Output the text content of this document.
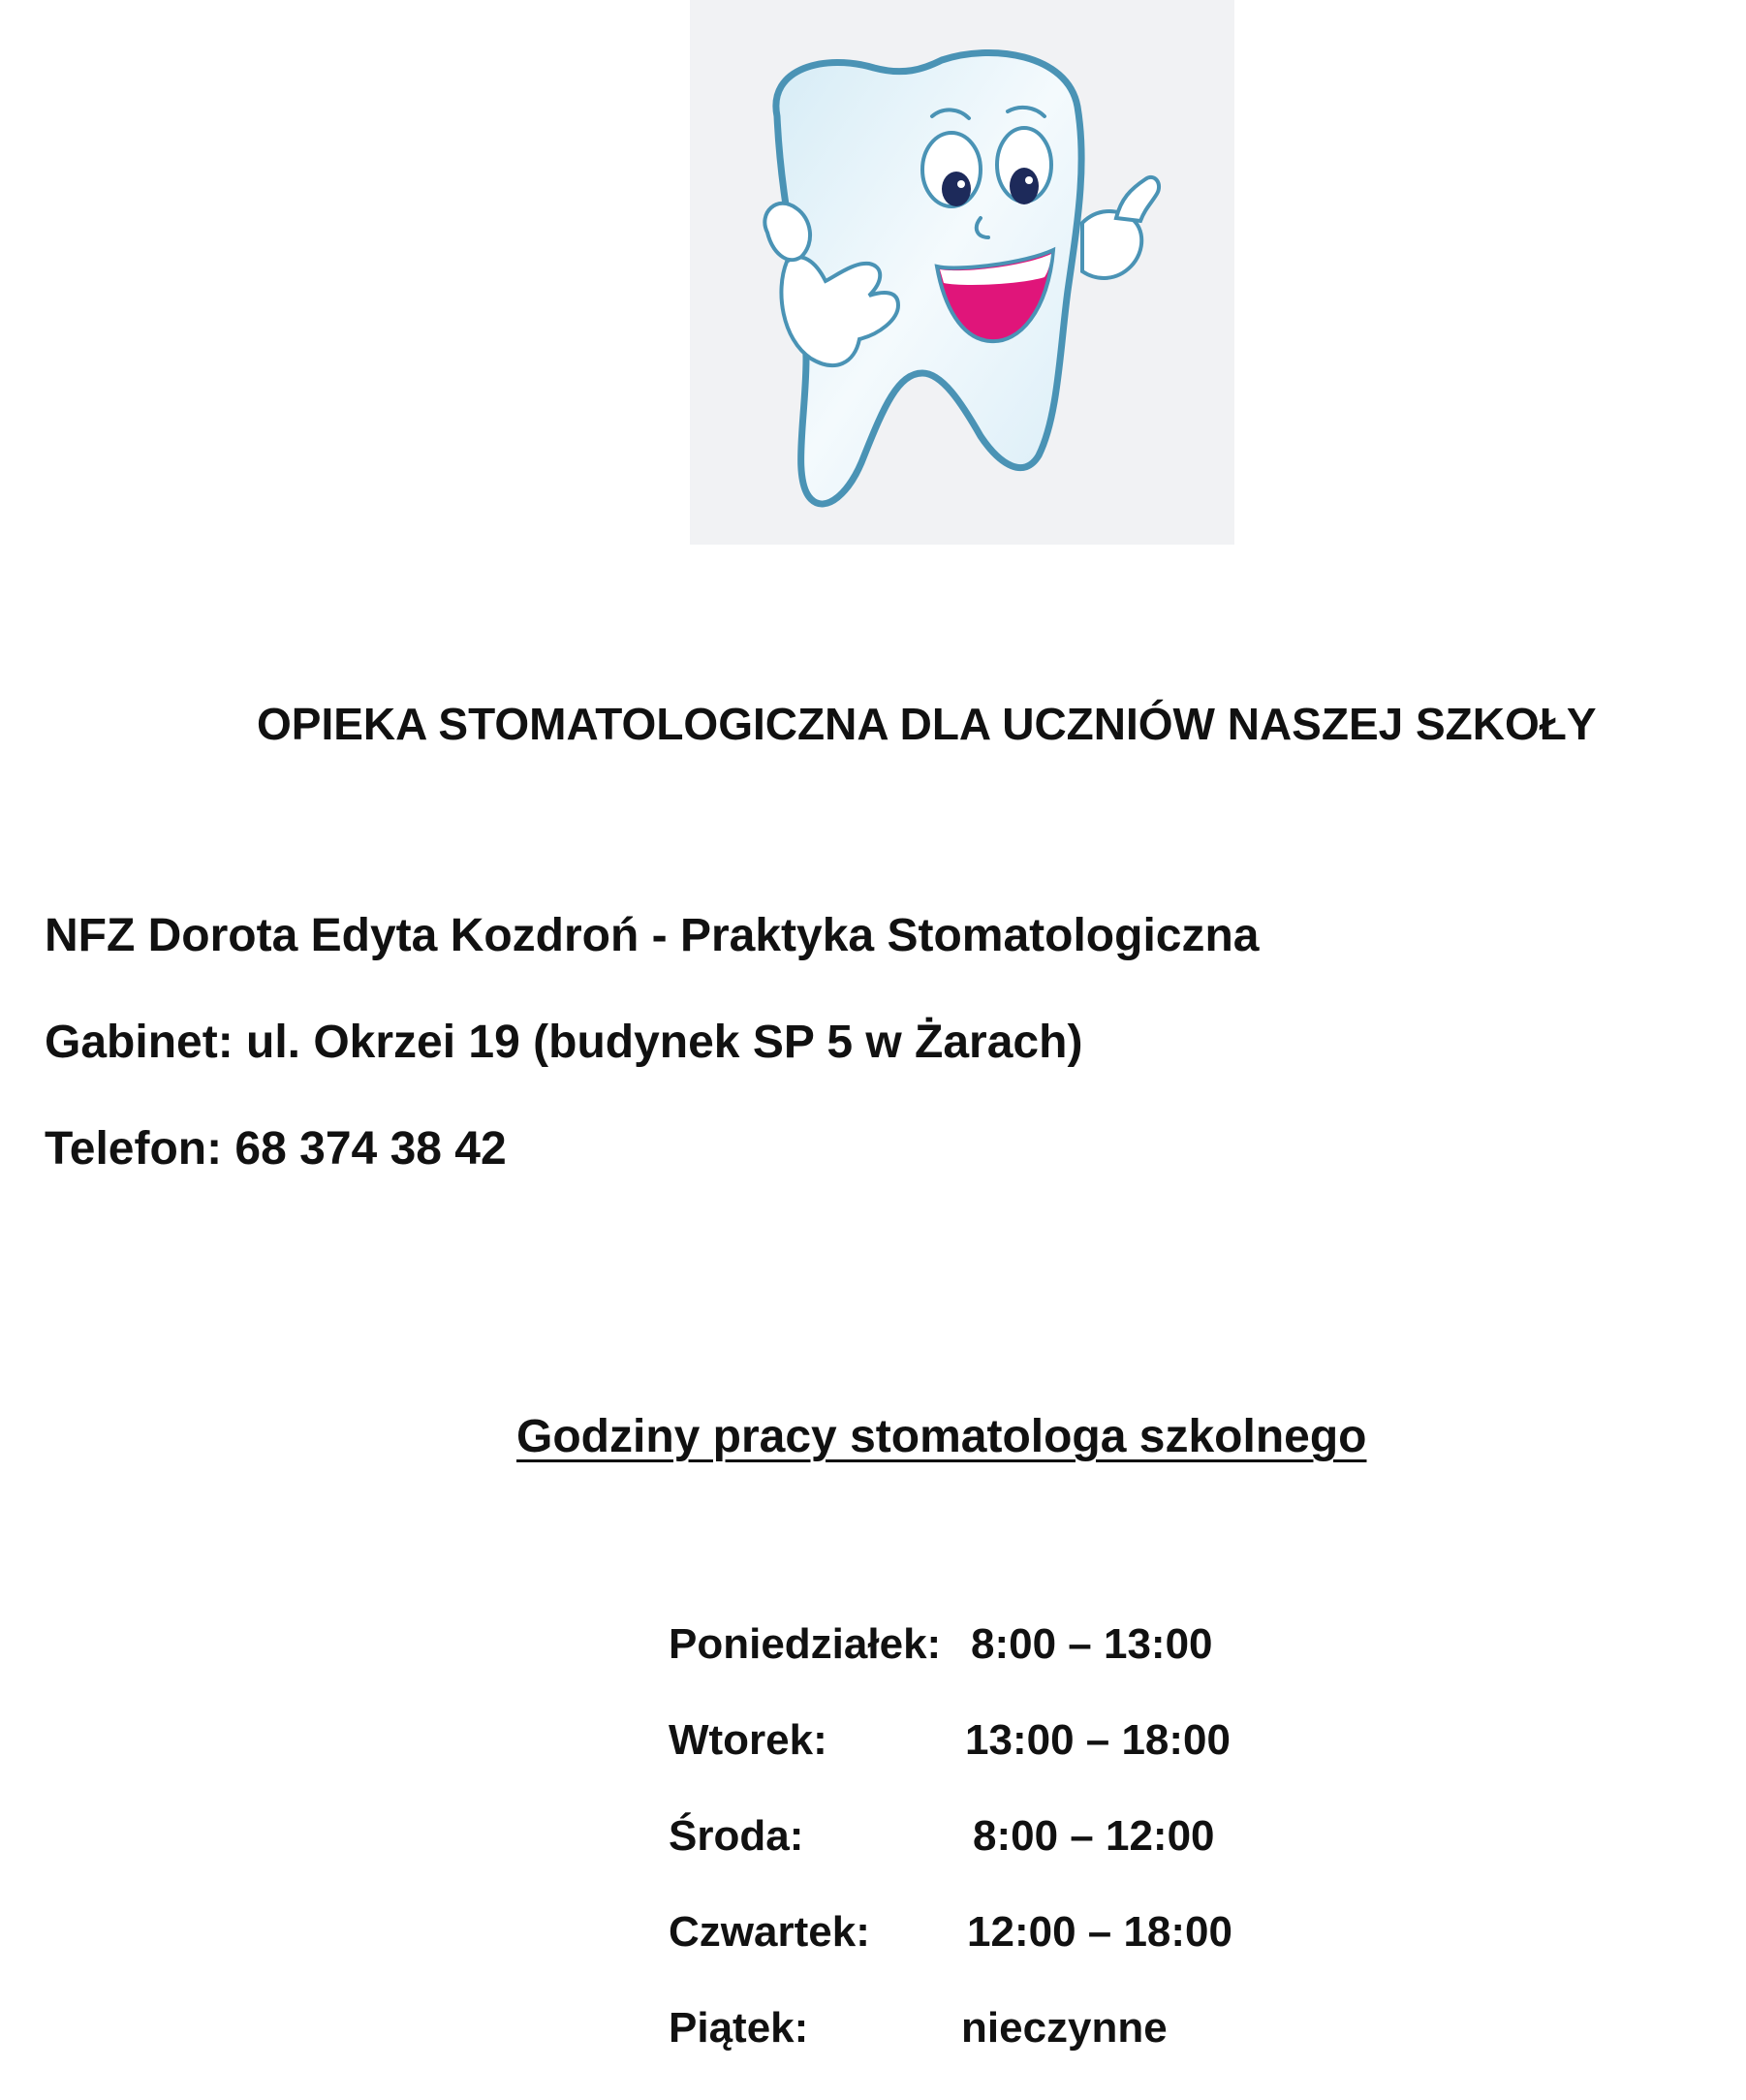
OPIEKA STOMATOLOGICZNA DLA UCZNIÓW NASZEJ SZKOŁY
NFZ Dorota Edyta Kozdroń - Praktyka Stomatologiczna
Gabinet: ul. Okrzei 19 (budynek SP 5 w Żarach)
Telefon: 68 374 38 42
Godziny pracy stomatologa szkolnego
Poniedziałek: 8:00 – 13:00
Wtorek:	13:00 – 18:00
Środa:	8:00 – 12:00
Czwartek: 12:00 – 18:00
Piątek:	nieczynne
